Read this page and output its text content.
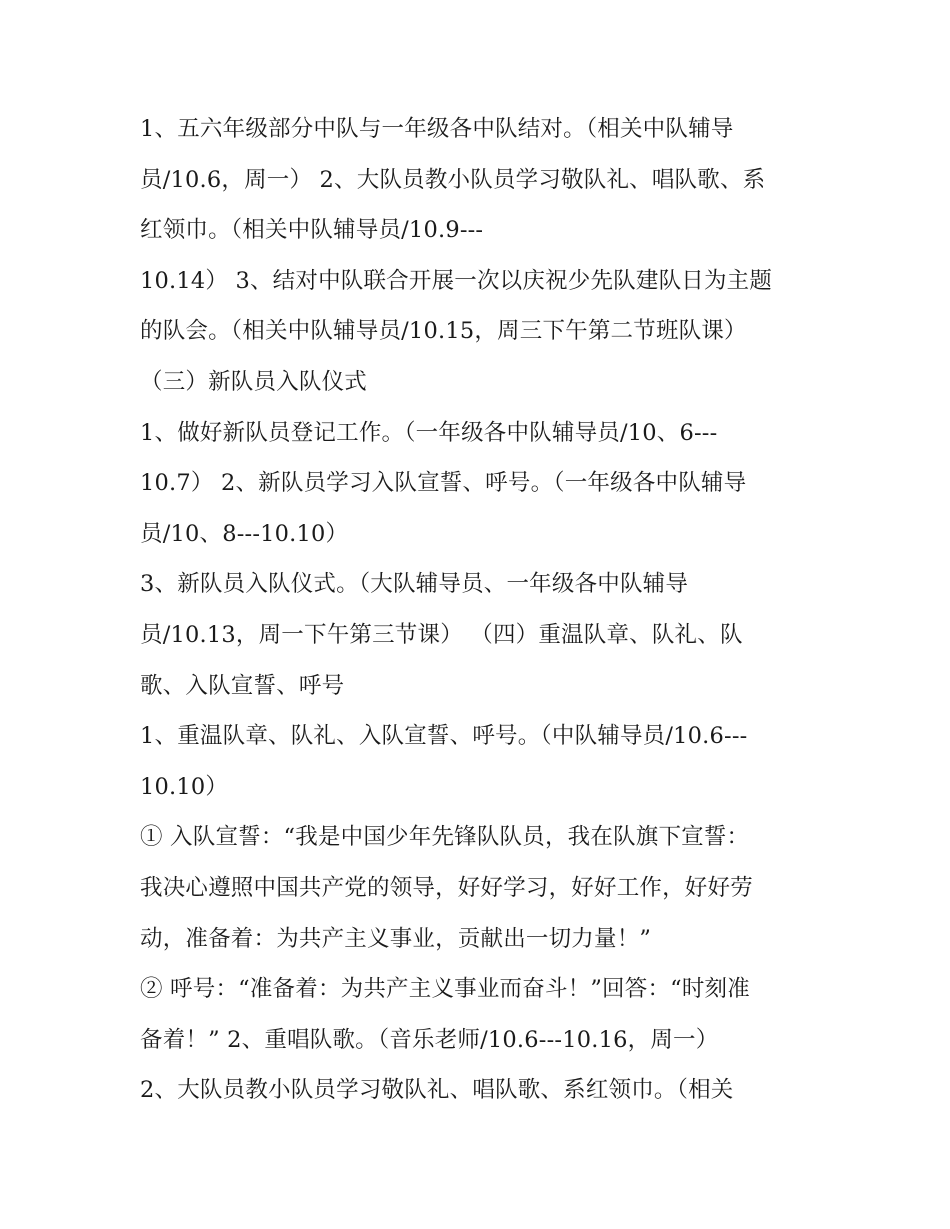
1、五六年级部分中队与一年级各中队结对。（相关中队辅导
员/10.6，周一） 2、大队员教小队员学习敬队礼、唱队歌、系
红领巾。（相关中队辅导员/10.9---
10.14） 3、结对中队联合开展一次以庆祝少先队建队日为主题
的队会。（相关中队辅导员/10.15，周三下午第二节班队课）
（三）新队员入队仪式
1、做好新队员登记工作。（一年级各中队辅导员/10、6---
10.7） 2、新队员学习入队宣誓、呼号。（一年级各中队辅导
员/10、8---10.10）
3、新队员入队仪式。（大队辅导员、一年级各中队辅导
员/10.13，周一下午第三节课） （四）重温队章、队礼、队
歌、入队宣誓、呼号
1、重温队章、队礼、入队宣誓、呼号。（中队辅导员/10.6---
10.10）
① 入队宣誓：“我是中国少年先锋队队员，我在队旗下宣誓：
我决心遵照中国共产党的领导，好好学习，好好工作，好好劳
动，准备着：为共产主义事业，贡献出一切力量！”
② 呼号：“准备着：为共产主义事业而奋斗！”回答：“时刻准
备着！” 2、重唱队歌。（音乐老师/10.6---10.16，周一）
2、大队员教小队员学习敬队礼、唱队歌、系红领巾。（相关
